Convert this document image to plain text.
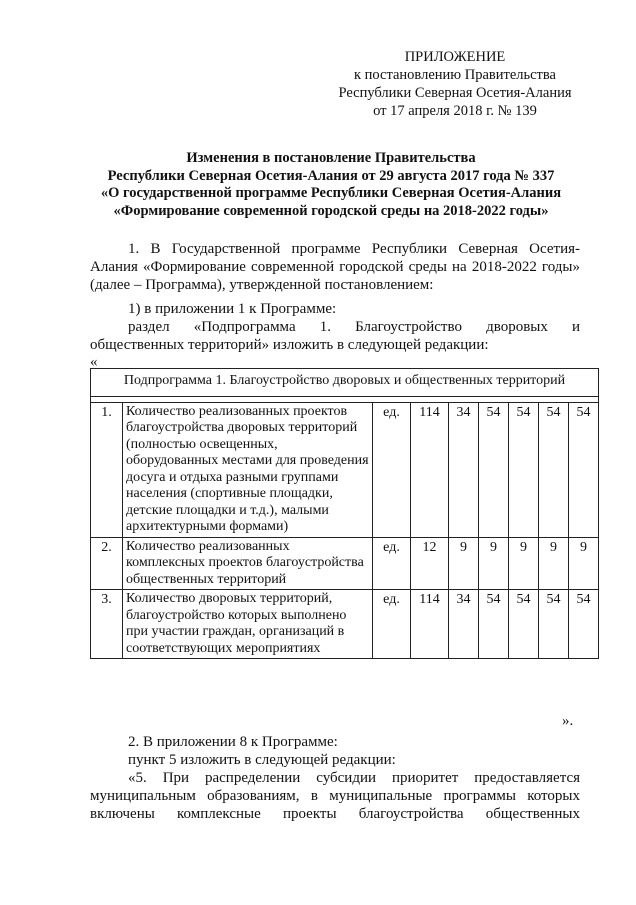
ПРИЛОЖЕНИЕ
к постановлению Правительства
Республики Северная Осетия-Алания
от 17 апреля 2018 г. № 139
Изменения в постановление Правительства
Республики Северная Осетия-Алания от 29 августа 2017 года № 337
«О государственной программе Республики Северная Осетия-Алания
«Формирование современной городской среды на 2018-2022 годы»
1. В Государственной программе Республики Северная Осетия-
Алания «Формирование современной городской среды на 2018-2022 годы»
(далее – Программа), утвержденной постановлением:
1) в приложении 1 к Программе:
раздел «Подпрограмма 1. Благоустройство дворовых и
общественных территорий» изложить в следующей редакции:
«
Подпрограмма 1. Благоустройство дворовых и общественных территорий								

1.	Количество реализованных проектов благоустройства дворовых территорий (полностью освещенных, оборудованных местами для проведения досуга и отдыха разными группами населения (спортивные площадки, детские площадки и т.д.), малыми архитектурными формами)	ед.	114	34	54	54	54	54
2.	Количество реализованных комплексных проектов благоустройства общественных территорий	ед.	12	9	9	9	9	9
3.	Количество дворовых территорий, благоустройство которых выполнено при участии граждан, организаций в соответствующих мероприятиях	ед.	114	34	54	54	54	54
».
2. В приложении 8 к Программе:
пункт 5 изложить в следующей редакции:
«5. При распределении субсидии приоритет предоставляется
муниципальным образованиям, в муниципальные программы которых
включены комплексные проекты благоустройства общественных
